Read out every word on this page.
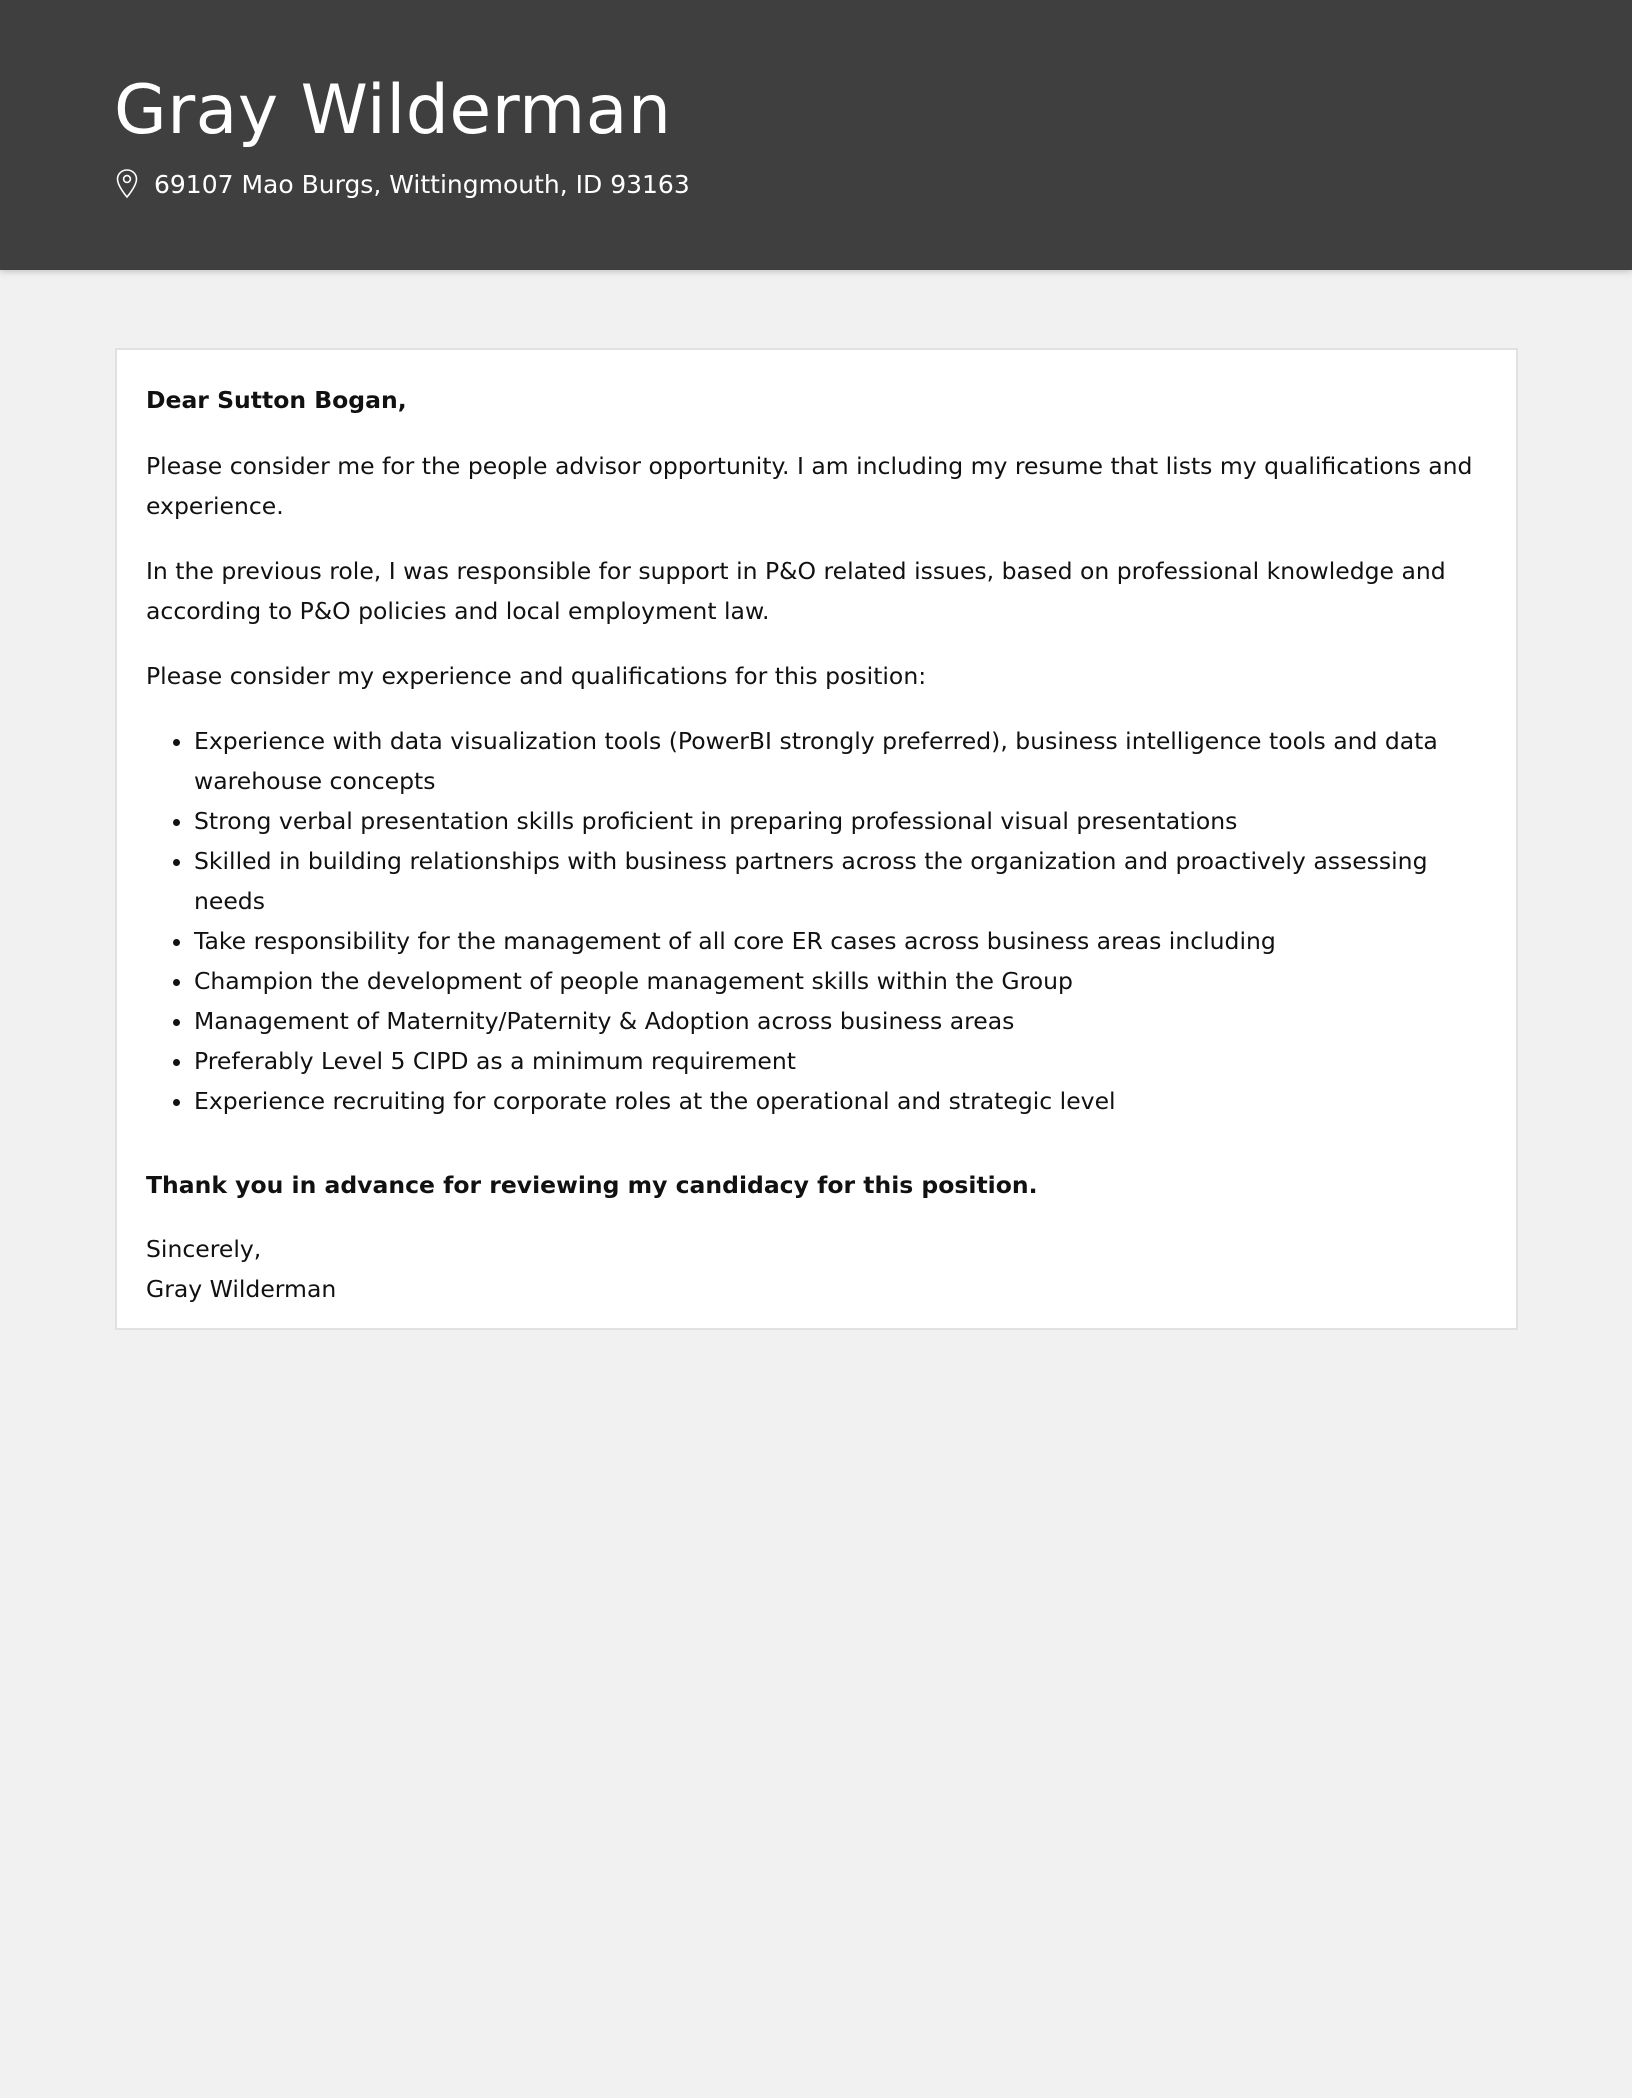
Gray Wilderman
69107 Mao Burgs, Wittingmouth, ID 93163

Dear Sutton Bogan,

Please consider me for the people advisor opportunity. I am including my resume that lists my qualifications and experience.

In the previous role, I was responsible for support in P&O related issues, based on professional knowledge and according to P&O policies and local employment law.

Please consider my experience and qualifications for this position:

• Experience with data visualization tools (PowerBI strongly preferred), business intelligence tools and data warehouse concepts
• Strong verbal presentation skills proficient in preparing professional visual presentations
• Skilled in building relationships with business partners across the organization and proactively assessing needs
• Take responsibility for the management of all core ER cases across business areas including
• Champion the development of people management skills within the Group
• Management of Maternity/Paternity & Adoption across business areas
• Preferably Level 5 CIPD as a minimum requirement
• Experience recruiting for corporate roles at the operational and strategic level

Thank you in advance for reviewing my candidacy for this position.

Sincerely,
Gray Wilderman
